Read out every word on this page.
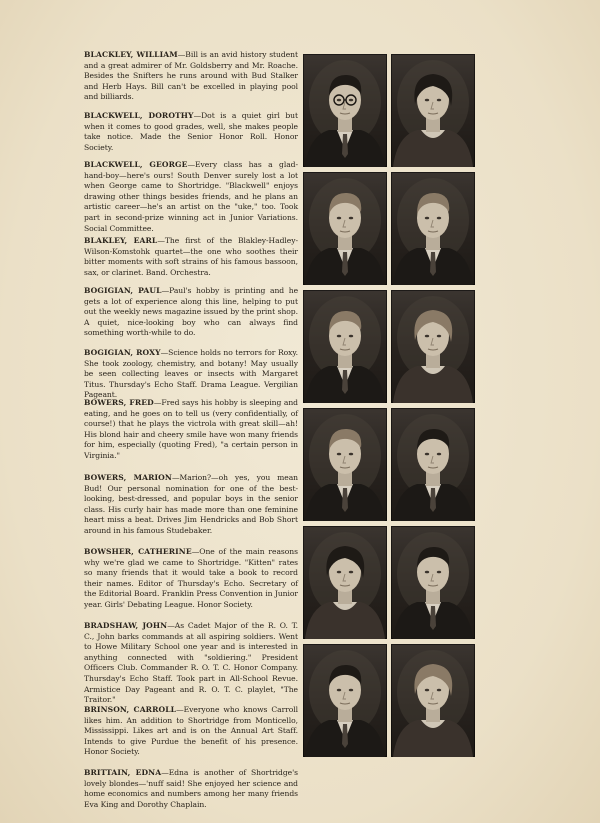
BLACKLEY, WILLIAM—Bill is an avid history student and a great admirer of Mr. Goldsberry and Mr. Roache. Besides the Snifters he runs around with Bud Stalker and Herb Hays. Bill can't be excelled in playing pool and billiards.
BLACKWELL, DOROTHY—Dot is a quiet girl but when it comes to good grades, well, she makes people take notice. Made the Senior Honor Roll. Honor Society.
BLACKWELL, GEORGE—Every class has a glad-hand-boy—here's ours! South Denver surely lost a lot when George came to Shortridge. "Blackwell" enjoys drawing other things besides friends, and he plans an artistic career—he's an artist on the "uke," too. Took part in second-prize winning act in Junior Variations. Social Committee.
BLAKLEY, EARL—The first of the Blakley-Hadley-Wilson-Komstohk quartet—the one who soothes their bitter moments with soft strains of his famous bassoon, sax, or clarinet. Band. Orchestra.
BOGIGIAN, PAUL—Paul's hobby is printing and he gets a lot of experience along this line, helping to put out the weekly news magazine issued by the print shop. A quiet, nice-looking boy who can always find something worth-while to do.
BOGIGIAN, ROXY—Science holds no terrors for Roxy. She took zoology, chemistry, and botany! May usually be seen collecting leaves or insects with Margaret Titus. Thursday's Echo Staff. Drama League. Vergilian Pageant.
BOWERS, FRED—Fred says his hobby is sleeping and eating, and he goes on to tell us (very confidentially, of course!) that he plays the victrola with great skill—ah! His blond hair and cheery smile have won many friends for him, especially (quoting Fred), "a certain person in Virginia."
BOWERS, MARION—Marion?—oh yes, you mean Bud! Our personal nomination for one of the best-looking, best-dressed, and popular boys in the senior class. His curly hair has made more than one feminine heart miss a beat. Drives Jim Hendricks and Bob Short around in his famous Studebaker.
BOWSHER, CATHERINE—One of the main reasons why we're glad we came to Shortridge. "Kitten" rates so many friends that it would take a book to record their names. Editor of Thursday's Echo. Secretary of the Editorial Board. Franklin Press Convention in Junior year. Girls' Debating League. Honor Society.
BRADSHAW, JOHN—As Cadet Major of the R. O. T. C., John barks commands at all aspiring soldiers. Went to Howe Military School one year and is interested in anything connected with "soldiering." President Officers Club. Commander R. O. T. C. Honor Company. Thursday's Echo Staff. Took part in All-School Revue. Armistice Day Pageant and R. O. T. C. playlet, "The Traitor."
BRINSON, CARROLL—Everyone who knows Carroll likes him. An addition to Shortridge from Monticello, Mississippi. Likes art and is on the Annual Art Staff. Intends to give Purdue the benefit of his presence. Honor Society.
BRITTAIN, EDNA—Edna is another of Shortridge's lovely blondes—'nuff said! She enjoyed her science and home economics and numbers among her many friends Eva King and Dorothy Chaplain.
